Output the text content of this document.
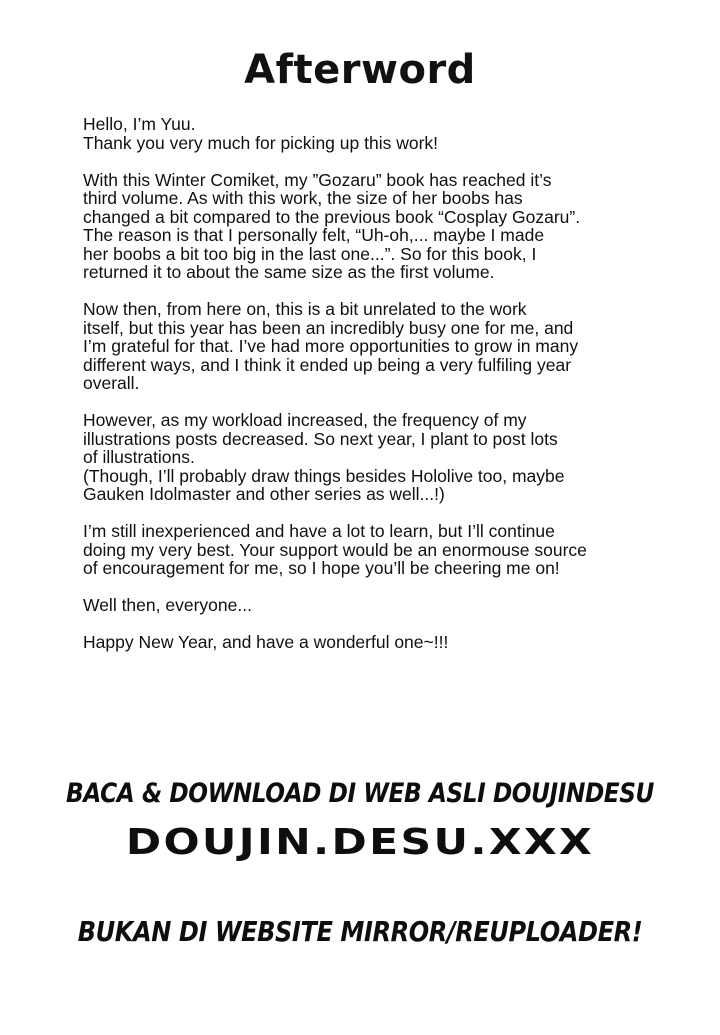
Afterword

Hello, I’m Yuu.
Thank you very much for picking up this work!

With this Winter Comiket, my ”Gozaru” book has reached it’s
third volume. As with this work, the size of her boobs has
changed a bit compared to the previous book “Cosplay Gozaru”.
The reason is that I personally felt, “Uh-oh,... maybe I made
her boobs a bit too big in the last one...”. So for this book, I
returned it to about the same size as the first volume.

Now then, from here on, this is a bit unrelated to the work
itself, but this year has been an incredibly busy one for me, and
I’m grateful for that. I’ve had more opportunities to grow in many
different ways, and I think it ended up being a very fulfiling year
overall.

However, as my workload increased, the frequency of my
illustrations posts decreased. So next year, I plant to post lots
of illustrations.
(Though, I’ll probably draw things besides Hololive too, maybe
Gauken Idolmaster and other series as well...!)

I’m still inexperienced and have a lot to learn, but I’ll continue
doing my very best. Your support would be an enormouse source
of encouragement for me, so I hope you’ll be cheering me on!

Well then, everyone...

Happy New Year, and have a wonderful one~!!!

BACA & DOWNLOAD DI WEB ASLI DOUJINDESU
DOUJIN.DESU.XXX
BUKAN DI WEBSITE MIRROR/REUPLOADER!
